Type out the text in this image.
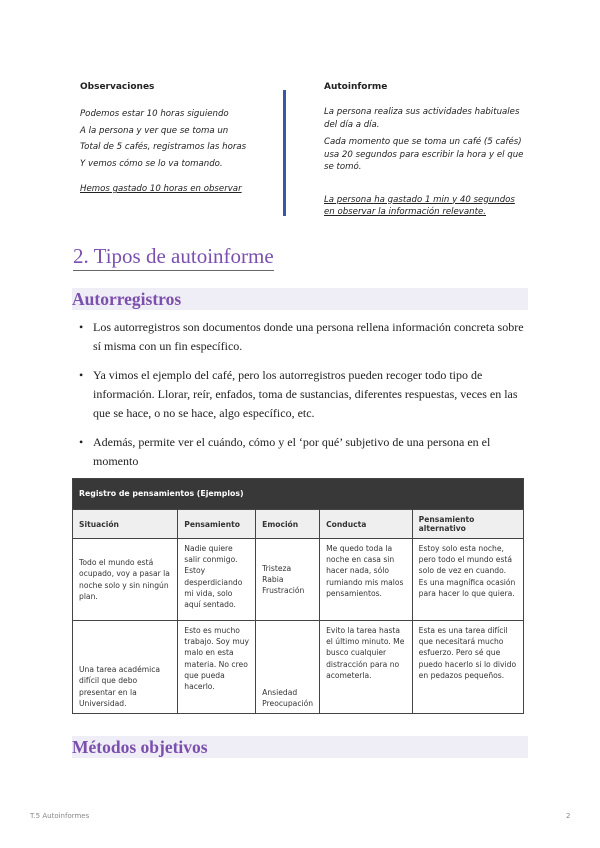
Observaciones
Podemos estar 10 horas siguiendo
A la persona y ver que se toma un
Total de 5 cafés, registramos las horas
Y vemos cómo se lo va tomando.
Hemos gastado 10 horas en observar
Autoinforme
La persona realiza sus actividades habituales del día a día.
Cada momento que se toma un café (5 cafés) usa 20 segundos para escribir la hora y el que se tomó.
La persona ha gastado 1 min y 40 segundos en observar la información relevante.
2. Tipos de autoinforme
Autorregistros
• Los autorregistros son documentos donde una persona rellena información concreta sobre sí misma con un fin específico.
• Ya vimos el ejemplo del café, pero los autorregistros pueden recoger todo tipo de información. Llorar, reír, enfados, toma de sustancias, diferentes respuestas, veces en las que se hace, o no se hace, algo específico, etc.
• Además, permite ver el cuándo, cómo y el ‘por qué’ subjetivo de una persona en el momento
Registro de pensamientos (Ejemplos)				
Situación	Pensamiento	Emoción	Conducta	Pensamiento alternativo
Todo el mundo está ocupado, voy a pasar la noche solo y sin ningún plan.	Nadie quiere salir conmigo. Estoy desperdiciando mi vida, solo aquí sentado.	Tristeza Rabia Frustración	Me quedo toda la noche en casa sin hacer nada, sólo rumiando mis malos pensamientos.	Estoy solo esta noche, pero todo el mundo está solo de vez en cuando. Es una magnífica ocasión para hacer lo que quiera.
Una tarea académica difícil que debo presentar en la Universidad.	Esto es mucho trabajo. Soy muy malo en esta materia. No creo que pueda hacerlo.	Ansiedad Preocupación	Evito la tarea hasta el último minuto. Me busco cualquier distracción para no acometerla.	Esta es una tarea difícil que necesitará mucho esfuerzo. Pero sé que puedo hacerlo si lo divido en pedazos pequeños.
Métodos objetivos
T.5 Autoinformes	2
